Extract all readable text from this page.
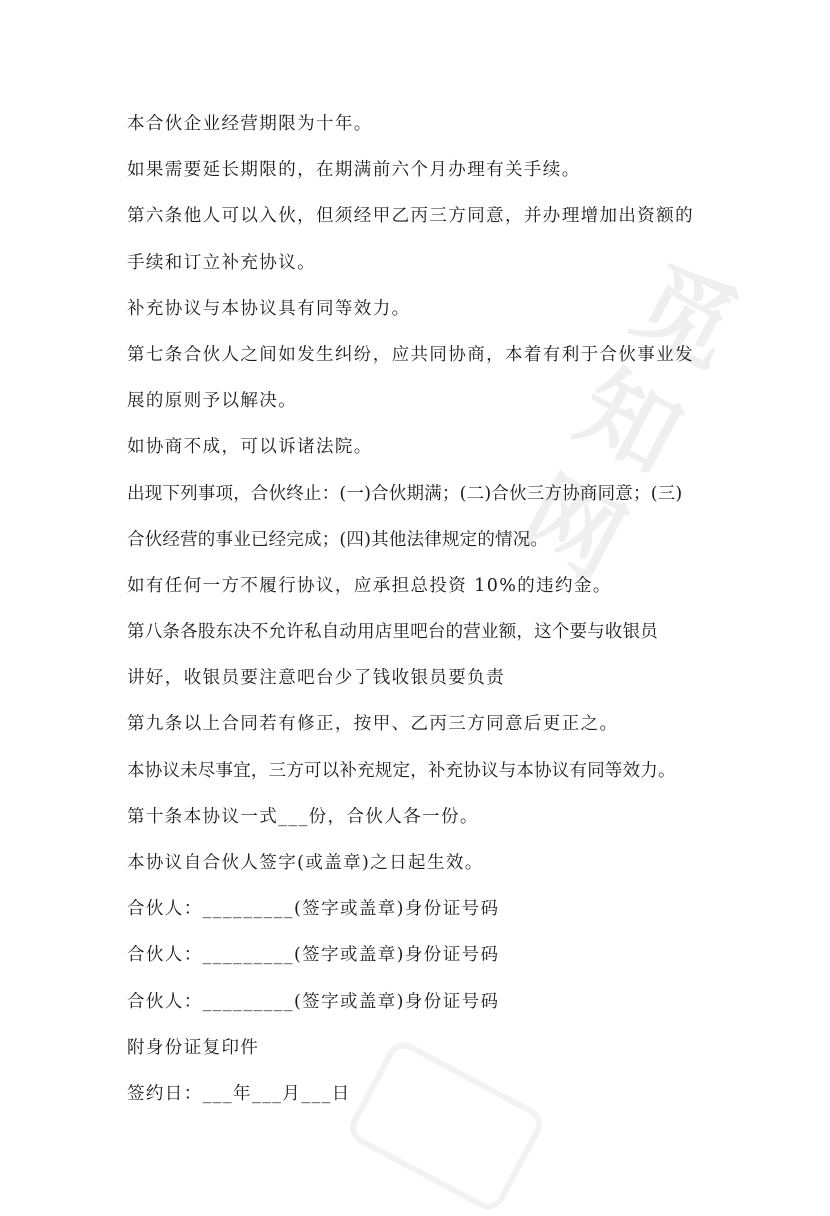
觅
知
网
本合伙企业经营期限为十年。
如果需要延长期限的，在期满前六个月办理有关手续。
第六条他人可以入伙，但须经甲乙丙三方同意，并办理增加出资额的
手续和订立补充协议。
补充协议与本协议具有同等效力。
第七条合伙人之间如发生纠纷，应共同协商，本着有利于合伙事业发
展的原则予以解决。
如协商不成，可以诉诸法院。
出现下列事项，合伙终止：(一)合伙期满；(二)合伙三方协商同意；(三)
合伙经营的事业已经完成；(四)其他法律规定的情况。
如有任何一方不履行协议，应承担总投资 10%的违约金。
第八条各股东决不允许私自动用店里吧台的营业额，这个要与收银员
讲好，收银员要注意吧台少了钱收银员要负责
第九条以上合同若有修正，按甲、乙丙三方同意后更正之。
本协议未尽事宜，三方可以补充规定，补充协议与本协议有同等效力。
第十条本协议一式___份，合伙人各一份。
本协议自合伙人签字(或盖章)之日起生效。
合伙人：_________(签字或盖章)身份证号码
合伙人：_________(签字或盖章)身份证号码
合伙人：_________(签字或盖章)身份证号码
附身份证复印件
签约日：___年___月___日
